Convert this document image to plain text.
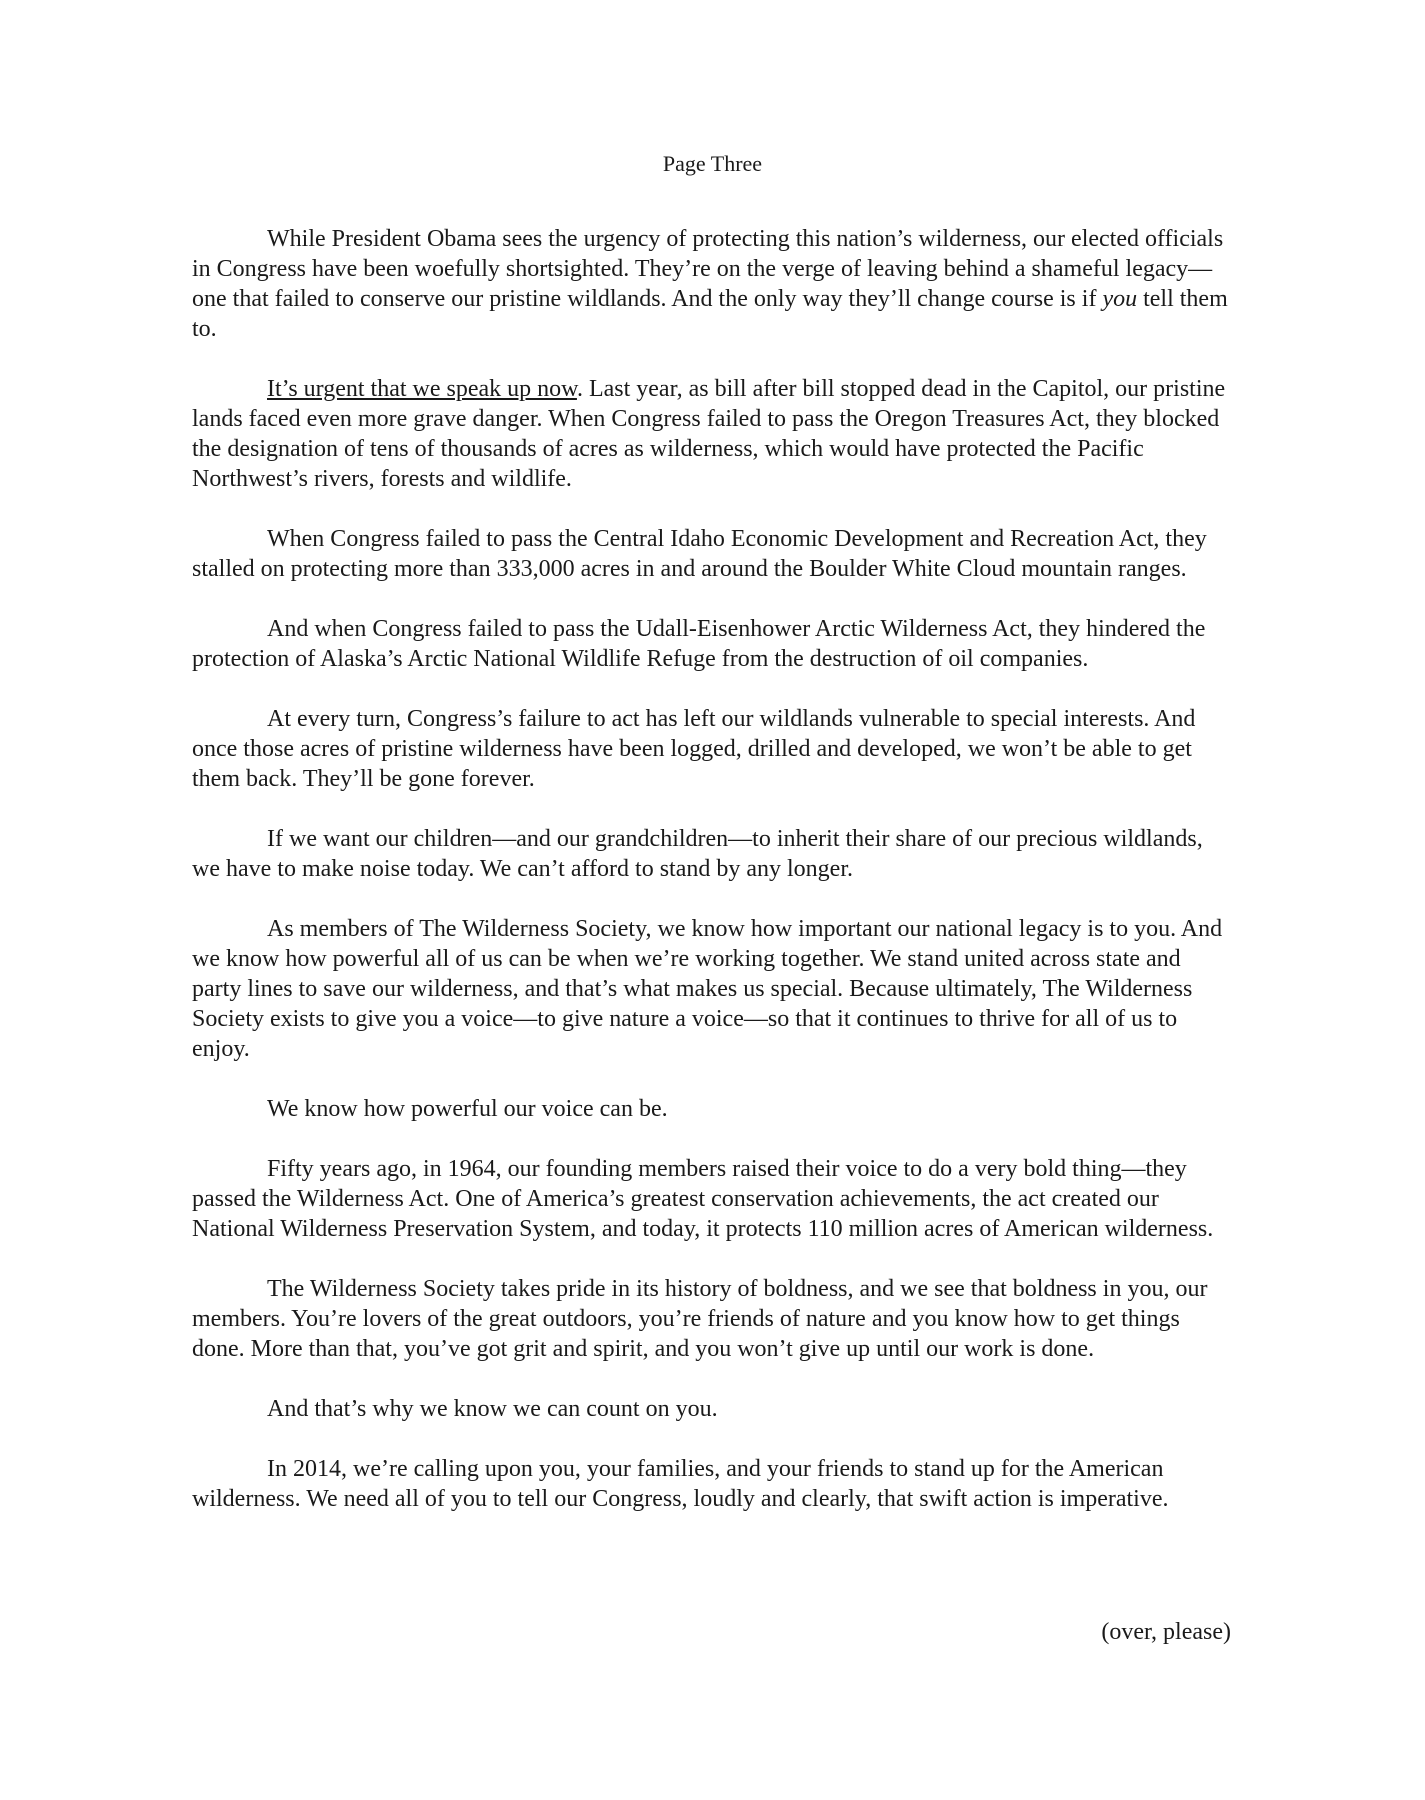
Page Three

While President Obama sees the urgency of protecting this nation’s wilderness, our elected officials in Congress have been woefully shortsighted. They’re on the verge of leaving behind a shameful legacy—one that failed to conserve our pristine wildlands. And the only way they’ll change course is if you tell them to.

It’s urgent that we speak up now. Last year, as bill after bill stopped dead in the Capitol, our pristine lands faced even more grave danger. When Congress failed to pass the Oregon Treasures Act, they blocked the designation of tens of thousands of acres as wilderness, which would have protected the Pacific Northwest’s rivers, forests and wildlife.

When Congress failed to pass the Central Idaho Economic Development and Recreation Act, they stalled on protecting more than 333,000 acres in and around the Boulder White Cloud mountain ranges.

And when Congress failed to pass the Udall-Eisenhower Arctic Wilderness Act, they hindered the protection of Alaska’s Arctic National Wildlife Refuge from the destruction of oil companies.

At every turn, Congress’s failure to act has left our wildlands vulnerable to special interests. And once those acres of pristine wilderness have been logged, drilled and developed, we won’t be able to get them back. They’ll be gone forever.

If we want our children—and our grandchildren—to inherit their share of our precious wildlands, we have to make noise today. We can’t afford to stand by any longer.

As members of The Wilderness Society, we know how important our national legacy is to you. And we know how powerful all of us can be when we’re working together. We stand united across state and party lines to save our wilderness, and that’s what makes us special. Because ultimately, The Wilderness Society exists to give you a voice—to give nature a voice—so that it continues to thrive for all of us to enjoy.

We know how powerful our voice can be.

Fifty years ago, in 1964, our founding members raised their voice to do a very bold thing—they passed the Wilderness Act. One of America’s greatest conservation achievements, the act created our National Wilderness Preservation System, and today, it protects 110 million acres of American wilderness.

The Wilderness Society takes pride in its history of boldness, and we see that boldness in you, our members. You’re lovers of the great outdoors, you’re friends of nature and you know how to get things done. More than that, you’ve got grit and spirit, and you won’t give up until our work is done.

And that’s why we know we can count on you.

In 2014, we’re calling upon you, your families, and your friends to stand up for the American wilderness. We need all of you to tell our Congress, loudly and clearly, that swift action is imperative.

(over, please)
